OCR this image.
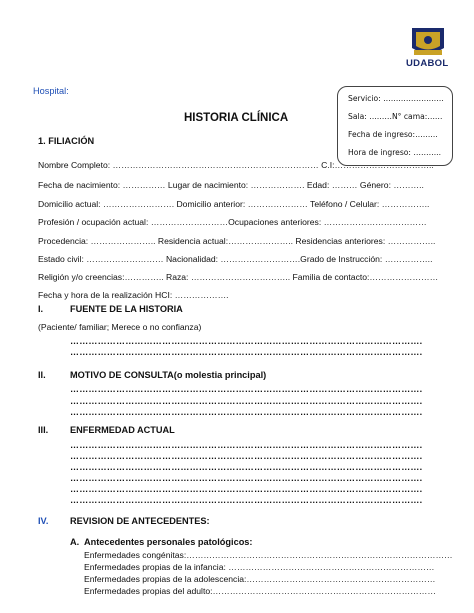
UDABOL
Hospital:
Servicio: ……………………
Sala: ………N° cama:……
Fecha de ingreso:………
Hora de ingreso: ………..
HISTORIA CLÍNICA
1. FILIACIÓN
Nombre Completo: ……………………………………………………………… C.I:……………………………..
Fecha de nacimiento: …………… Lugar de nacimiento: ………………. Edad: ……… Género: ………..
Domicilio actual: ……………………. Domicilio anterior: ………………… Teléfono / Celular: ……………..
Profesión / ocupación actual: ………………………Ocupaciones anteriores: ………………………………
Procedencia: ………………….. Residencia actual:………………….. Residencias anteriores: ……………..
Estado civil: ……………………… Nacionalidad: ……………………….Grado de Instrucción: ……………..
Religión y/o creencias:………….. Raza: …………………………….. Familia de contacto:……………………
Fecha y hora de la realización HCI: ……………….
I.	FUENTE DE LA HISTORIA
(Paciente/ familiar; Merece o no confianza)
…………………………………………………………………………………………………….
…………………………………………………………………………………………………….
II.	MOTIVO DE CONSULTA(o molestia principal)
…………………………………………………………………………………………………….
…………………………………………………………………………………………………….
…………………………………………………………………………………………………….
III. ENFERMEDAD ACTUAL
…………………………………………………………………………………………………….
…………………………………………………………………………………………………….
…………………………………………………………………………………………………….
…………………………………………………………………………………………………….
…………………………………………………………………………………………………….
…………………………………………………………………………………………………….
IV. REVISION DE ANTECEDENTES:
A. Antecedentes personales patológicos:
Enfermedades congénitas:…………………………………………………………………………………
Enfermedades propias de la infancia: ………………………………………………………………
Enfermedades propias de la adolescencia:…………………………………………………………
Enfermedades propias del adulto:……………………………………………………………………
